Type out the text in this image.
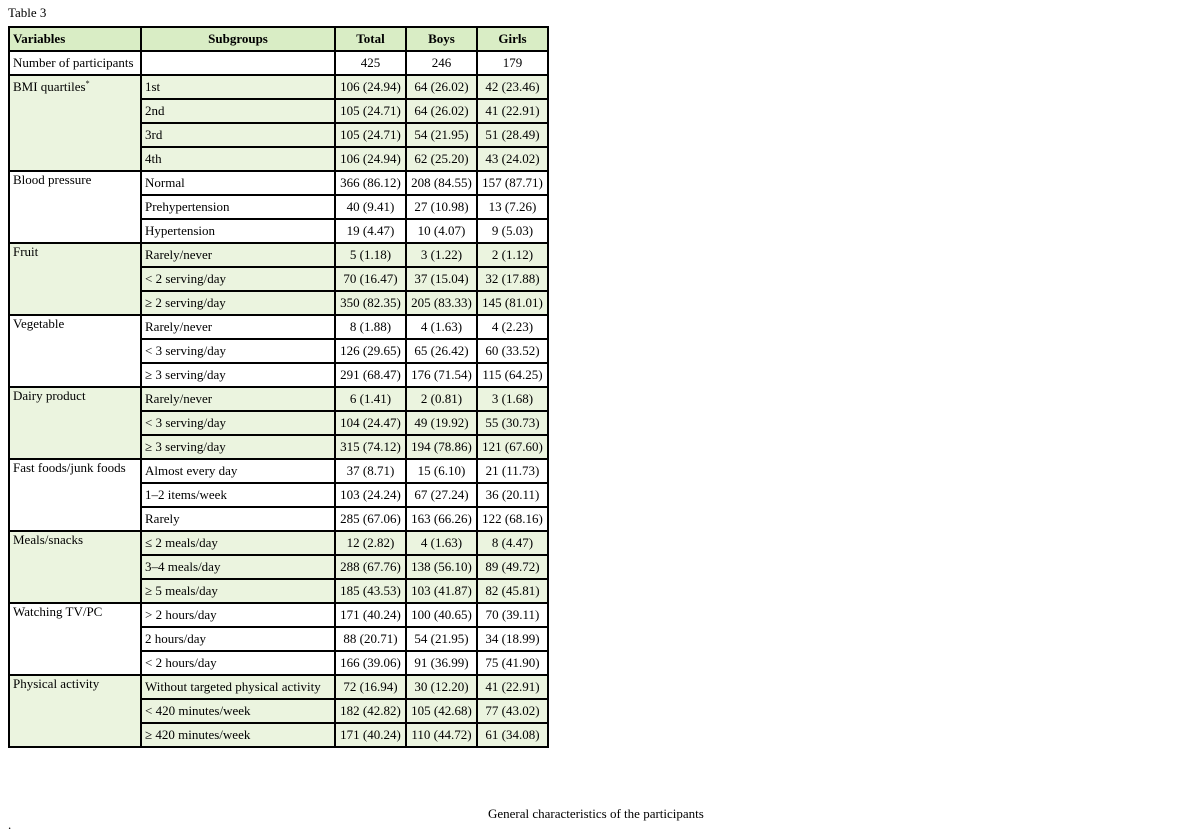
Table 3
Variables	Subgroups	Total	Boys	Girls
Number of participants		425	246	179
BMI quartiles*	1st	106 (24.94)	64 (26.02)	42 (23.46)
	2nd	105 (24.71)	64 (26.02)	41 (22.91)
	3rd	105 (24.71)	54 (21.95)	51 (28.49)
	4th	106 (24.94)	62 (25.20)	43 (24.02)
Blood pressure	Normal	366 (86.12)	208 (84.55)	157 (87.71)
	Prehypertension	40 (9.41)	27 (10.98)	13 (7.26)
	Hypertension	19 (4.47)	10 (4.07)	9 (5.03)
Fruit	Rarely/never	5 (1.18)	3 (1.22)	2 (1.12)
	< 2 serving/day	70 (16.47)	37 (15.04)	32 (17.88)
	≥ 2 serving/day	350 (82.35)	205 (83.33)	145 (81.01)
Vegetable	Rarely/never	8 (1.88)	4 (1.63)	4 (2.23)
	< 3 serving/day	126 (29.65)	65 (26.42)	60 (33.52)
	≥ 3 serving/day	291 (68.47)	176 (71.54)	115 (64.25)
Dairy product	Rarely/never	6 (1.41)	2 (0.81)	3 (1.68)
	< 3 serving/day	104 (24.47)	49 (19.92)	55 (30.73)
	≥ 3 serving/day	315 (74.12)	194 (78.86)	121 (67.60)
Fast foods/junk foods	Almost every day	37 (8.71)	15 (6.10)	21 (11.73)
	1–2 items/week	103 (24.24)	67 (27.24)	36 (20.11)
	Rarely	285 (67.06)	163 (66.26)	122 (68.16)
Meals/snacks	≤ 2 meals/day	12 (2.82)	4 (1.63)	8 (4.47)
	3–4 meals/day	288 (67.76)	138 (56.10)	89 (49.72)
	≥ 5 meals/day	185 (43.53)	103 (41.87)	82 (45.81)
Watching TV/PC	> 2 hours/day	171 (40.24)	100 (40.65)	70 (39.11)
	2 hours/day	88 (20.71)	54 (21.95)	34 (18.99)
	< 2 hours/day	166 (39.06)	91 (36.99)	75 (41.90)
Physical activity	Without targeted physical activity	72 (16.94)	30 (12.20)	41 (22.91)
	< 420 minutes/week	182 (42.82)	105 (42.68)	77 (43.02)
	≥ 420 minutes/week	171 (40.24)	110 (44.72)	61 (34.08)
General characteristics of the participants
.
